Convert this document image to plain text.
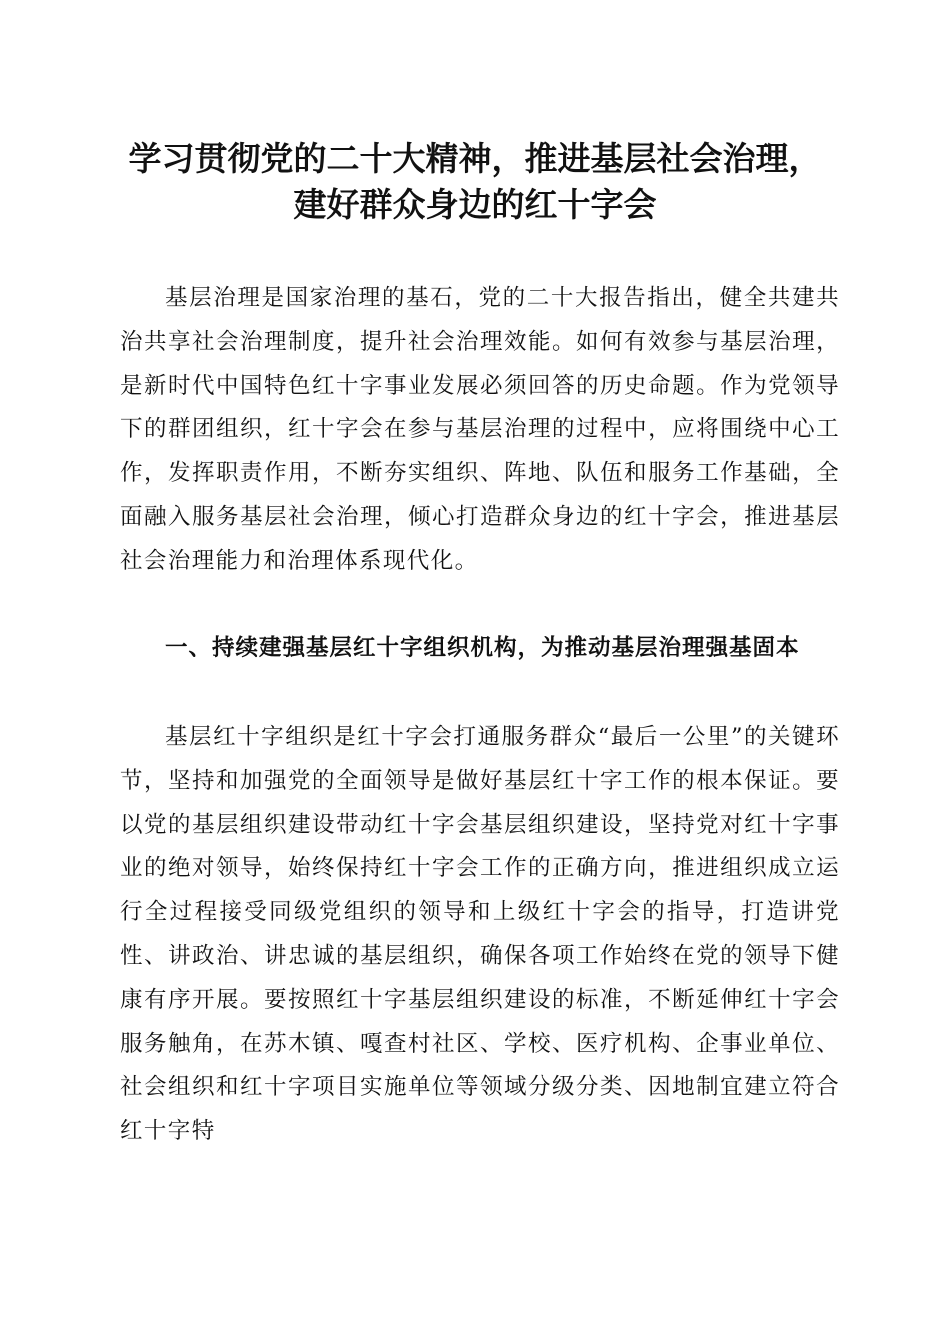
学习贯彻党的二十大精神，推进基层社会治理，
建好群众身边的红十字会

基层治理是国家治理的基石，党的二十大报告指出，健全共建共治共享社会治理制度，提升社会治理效能。如何有效参与基层治理，是新时代中国特色红十字事业发展必须回答的历史命题。作为党领导下的群团组织，红十字会在参与基层治理的过程中，应将围绕中心工作，发挥职责作用，不断夯实组织、阵地、队伍和服务工作基础，全面融入服务基层社会治理，倾心打造群众身边的红十字会，推进基层社会治理能力和治理体系现代化。

一、持续建强基层红十字组织机构，为推动基层治理强基固本

基层红十字组织是红十字会打通服务群众“最后一公里”的关键环节，坚持和加强党的全面领导是做好基层红十字工作的根本保证。要以党的基层组织建设带动红十字会基层组织建设，坚持党对红十字事业的绝对领导，始终保持红十字会工作的正确方向，推进组织成立运行全过程接受同级党组织的领导和上级红十字会的指导，打造讲党性、讲政治、讲忠诚的基层组织，确保各项工作始终在党的领导下健康有序开展。要按照红十字基层组织建设的标准，不断延伸红十字会服务触角，在苏木镇、嘎查村社区、学校、医疗机构、企事业单位、社会组织和红十字项目实施单位等领域分级分类、因地制宜建立符合红十字特
